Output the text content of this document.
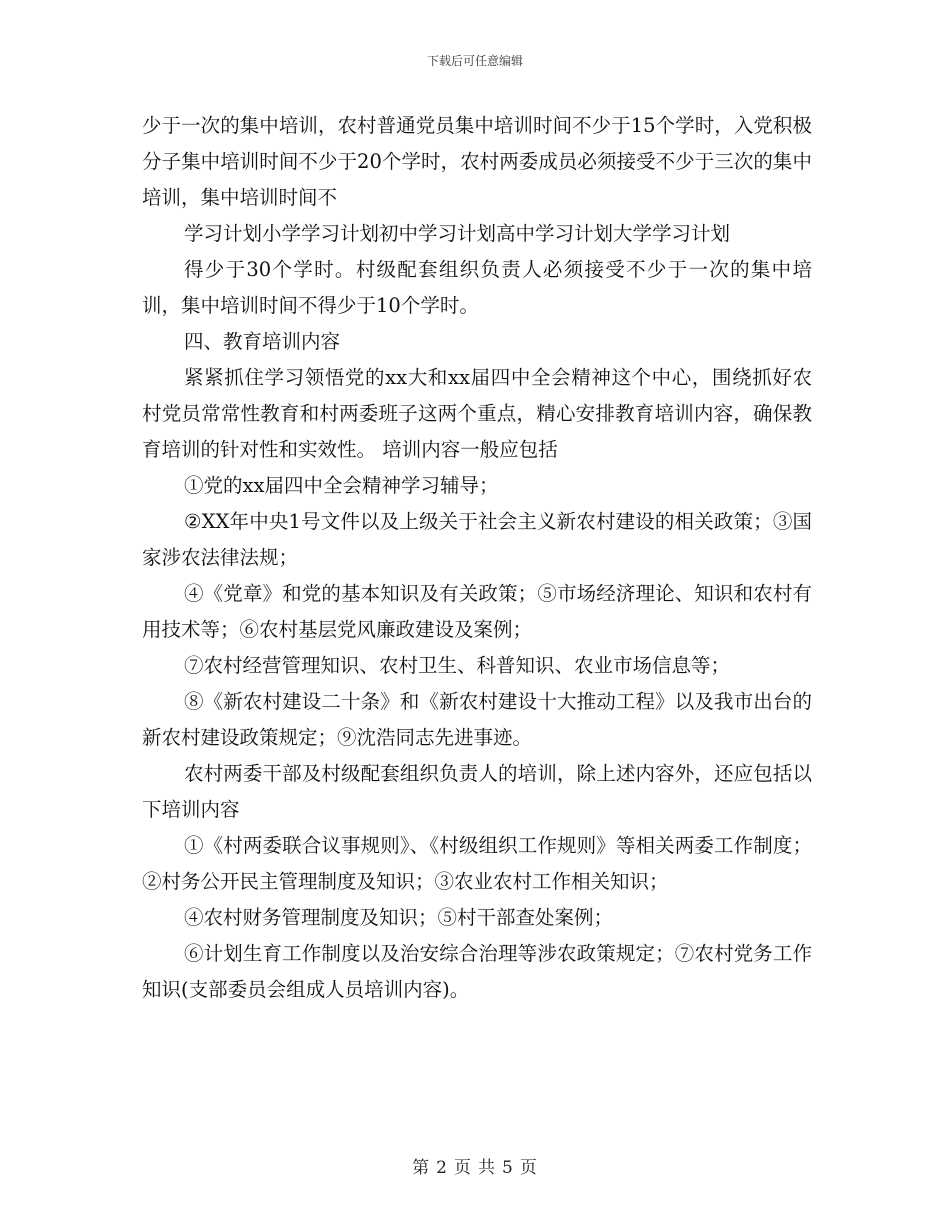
下载后可任意编辑

少于一次的集中培训，农村普通党员集中培训时间不少于15个学时，入党积极分子集中培训时间不少于20个学时，农村两委成员必须接受不少于三次的集中培训，集中培训时间不

学习计划小学学习计划初中学习计划高中学习计划大学学习计划

得少于30个学时。村级配套组织负责人必须接受不少于一次的集中培训，集中培训时间不得少于10个学时。

四、教育培训内容

紧紧抓住学习领悟党的xx大和xx届四中全会精神这个中心，围绕抓好农村党员常常性教育和村两委班子这两个重点，精心安排教育培训内容，确保教育培训的针对性和实效性。 培训内容一般应包括

①党的xx届四中全会精神学习辅导；

②XX年中央1号文件以及上级关于社会主义新农村建设的相关政策；③国家涉农法律法规；

④《党章》和党的基本知识及有关政策；⑤市场经济理论、知识和农村有用技术等；⑥农村基层党风廉政建设及案例；

⑦农村经营管理知识、农村卫生、科普知识、农业市场信息等；

⑧《新农村建设二十条》和《新农村建设十大推动工程》以及我市出台的新农村建设政策规定；⑨沈浩同志先进事迹。

农村两委干部及村级配套组织负责人的培训，除上述内容外，还应包括以下培训内容

①《村两委联合议事规则》、《村级组织工作规则》等相关两委工作制度；②村务公开民主管理制度及知识；③农业农村工作相关知识；

④农村财务管理制度及知识；⑤村干部查处案例；

⑥计划生育工作制度以及治安综合治理等涉农政策规定；⑦农村党务工作知识(支部委员会组成人员培训内容)。

第 2 页 共 5 页
